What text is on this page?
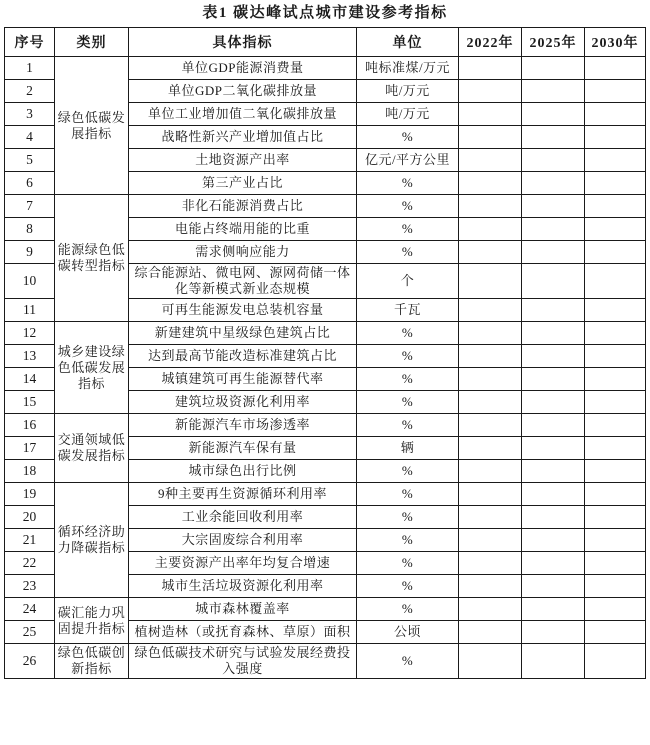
表1 碳达峰试点城市建设参考指标
序号	类别	具体指标	单位	2022年	2025年	2030年
1	绿色低碳发展指标	单位GDP能源消费量	吨标准煤/万元			
2		单位GDP二氧化碳排放量	吨/万元			
3		单位工业增加值二氧化碳排放量	吨/万元			
4		战略性新兴产业增加值占比	%			
5		土地资源产出率	亿元/平方公里			
6		第三产业占比	%			
7	能源绿色低碳转型指标	非化石能源消费占比	%			
8		电能占终端用能的比重	%			
9		需求侧响应能力	%			
10		综合能源站、微电网、源网荷储一体化等新模式新业态规模	个			
11		可再生能源发电总装机容量	千瓦			
12	城乡建设绿色低碳发展指标	新建建筑中星级绿色建筑占比	%			
13		达到最高节能改造标准建筑占比	%			
14		城镇建筑可再生能源替代率	%			
15		建筑垃圾资源化利用率	%			
16	交通领域低碳发展指标	新能源汽车市场渗透率	%			
17		新能源汽车保有量	辆			
18		城市绿色出行比例	%			
19	循环经济助力降碳指标	9种主要再生资源循环利用率	%			
20		工业余能回收利用率	%			
21		大宗固废综合利用率	%			
22		主要资源产出率年均复合增速	%			
23		城市生活垃圾资源化利用率	%			
24	碳汇能力巩固提升指标	城市森林覆盖率	%			
25		植树造林（或抚育森林、草原）面积	公顷			
26	绿色低碳创新指标	绿色低碳技术研究与试验发展经费投入强度	%			
